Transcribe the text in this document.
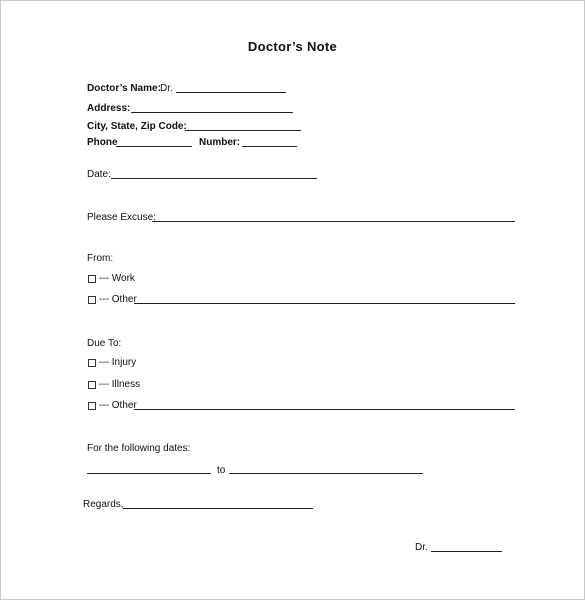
Doctor’s Note
Doctor’s Name: Dr.
Address:
City, State, Zip Code:
Phone	Number:
Date:
Please Excuse:
From:
--- Work
--- Other
Due To:
--- Injury
--- Illness
--- Other
For the following dates:
to
Regards,
Dr.
